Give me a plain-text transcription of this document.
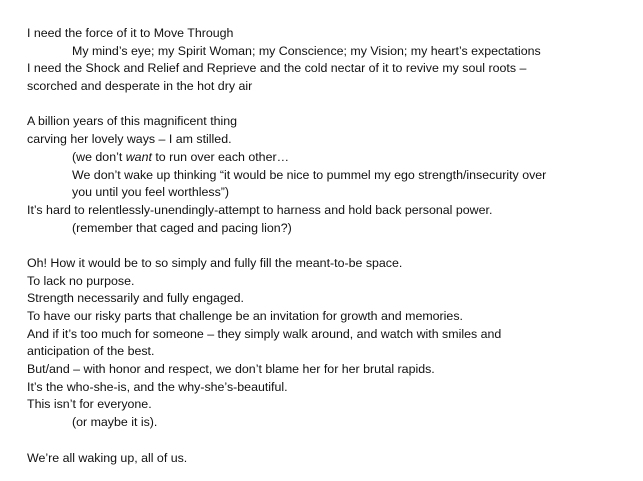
I need the force of it to Move Through
My mind’s eye; my Spirit Woman; my Conscience; my Vision; my heart’s expectations
I need the Shock and Relief and Reprieve and the cold nectar of it to revive my soul roots –
scorched and desperate in the hot dry air
A billion years of this magnificent thing
carving her lovely ways – I am stilled.
(we don’t want to run over each other…
We don’t wake up thinking “it would be nice to pummel my ego strength/insecurity over
you until you feel worthless”)
It’s hard to relentlessly-unendingly-attempt to harness and hold back personal power.
(remember that caged and pacing lion?)
Oh! How it would be to so simply and fully fill the meant-to-be space.
To lack no purpose.
Strength necessarily and fully engaged.
To have our risky parts that challenge be an invitation for growth and memories.
And if it’s too much for someone – they simply walk around, and watch with smiles and
anticipation of the best.
But/and – with honor and respect, we don’t blame her for her brutal rapids.
It’s the who-she-is, and the why-she’s-beautiful.
This isn’t for everyone.
(or maybe it is).
We’re all waking up, all of us.
